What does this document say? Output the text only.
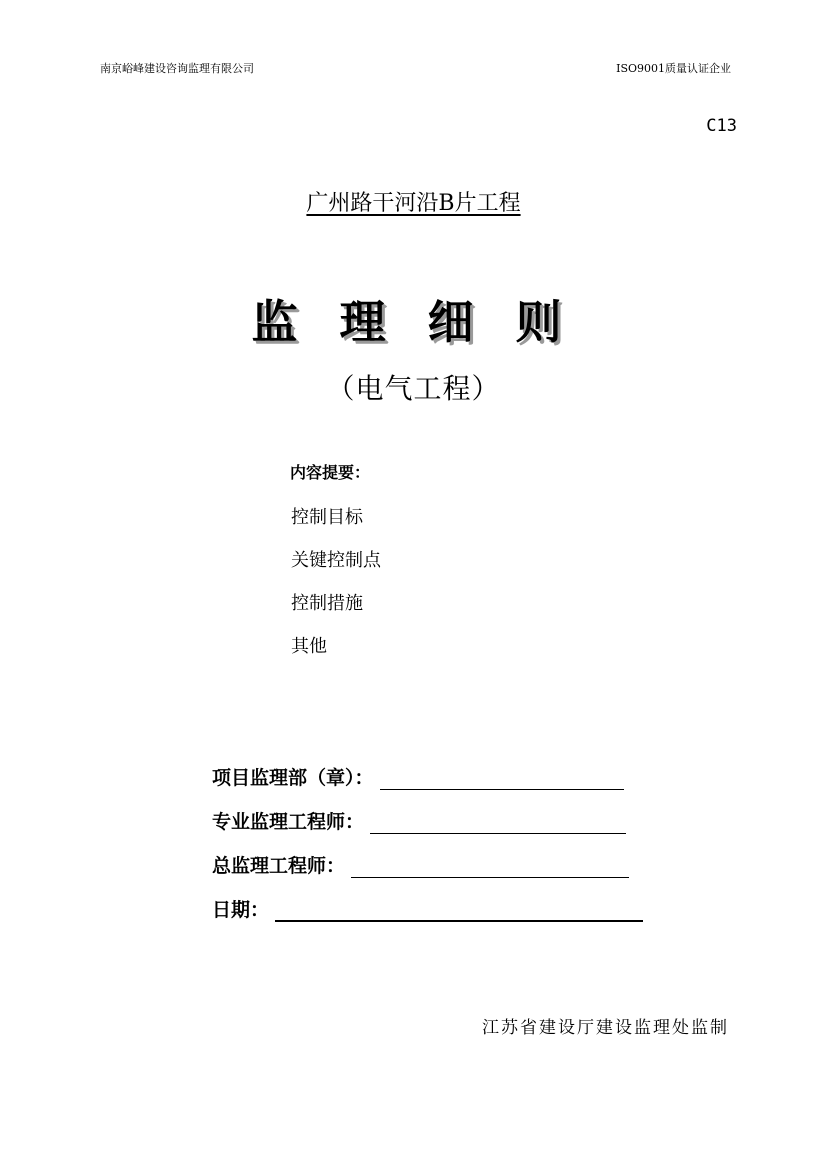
南京峪峰建设咨询监理有限公司	ISO9001质量认证企业
C13
广州路干河沿B片工程
监理细则
（电气工程）
内容提要：
控制目标
关键控制点
控制措施
其他
项目监理部（章）：
专业监理工程师：
总监理工程师：
日期：
江苏省建设厅建设监理处监制
